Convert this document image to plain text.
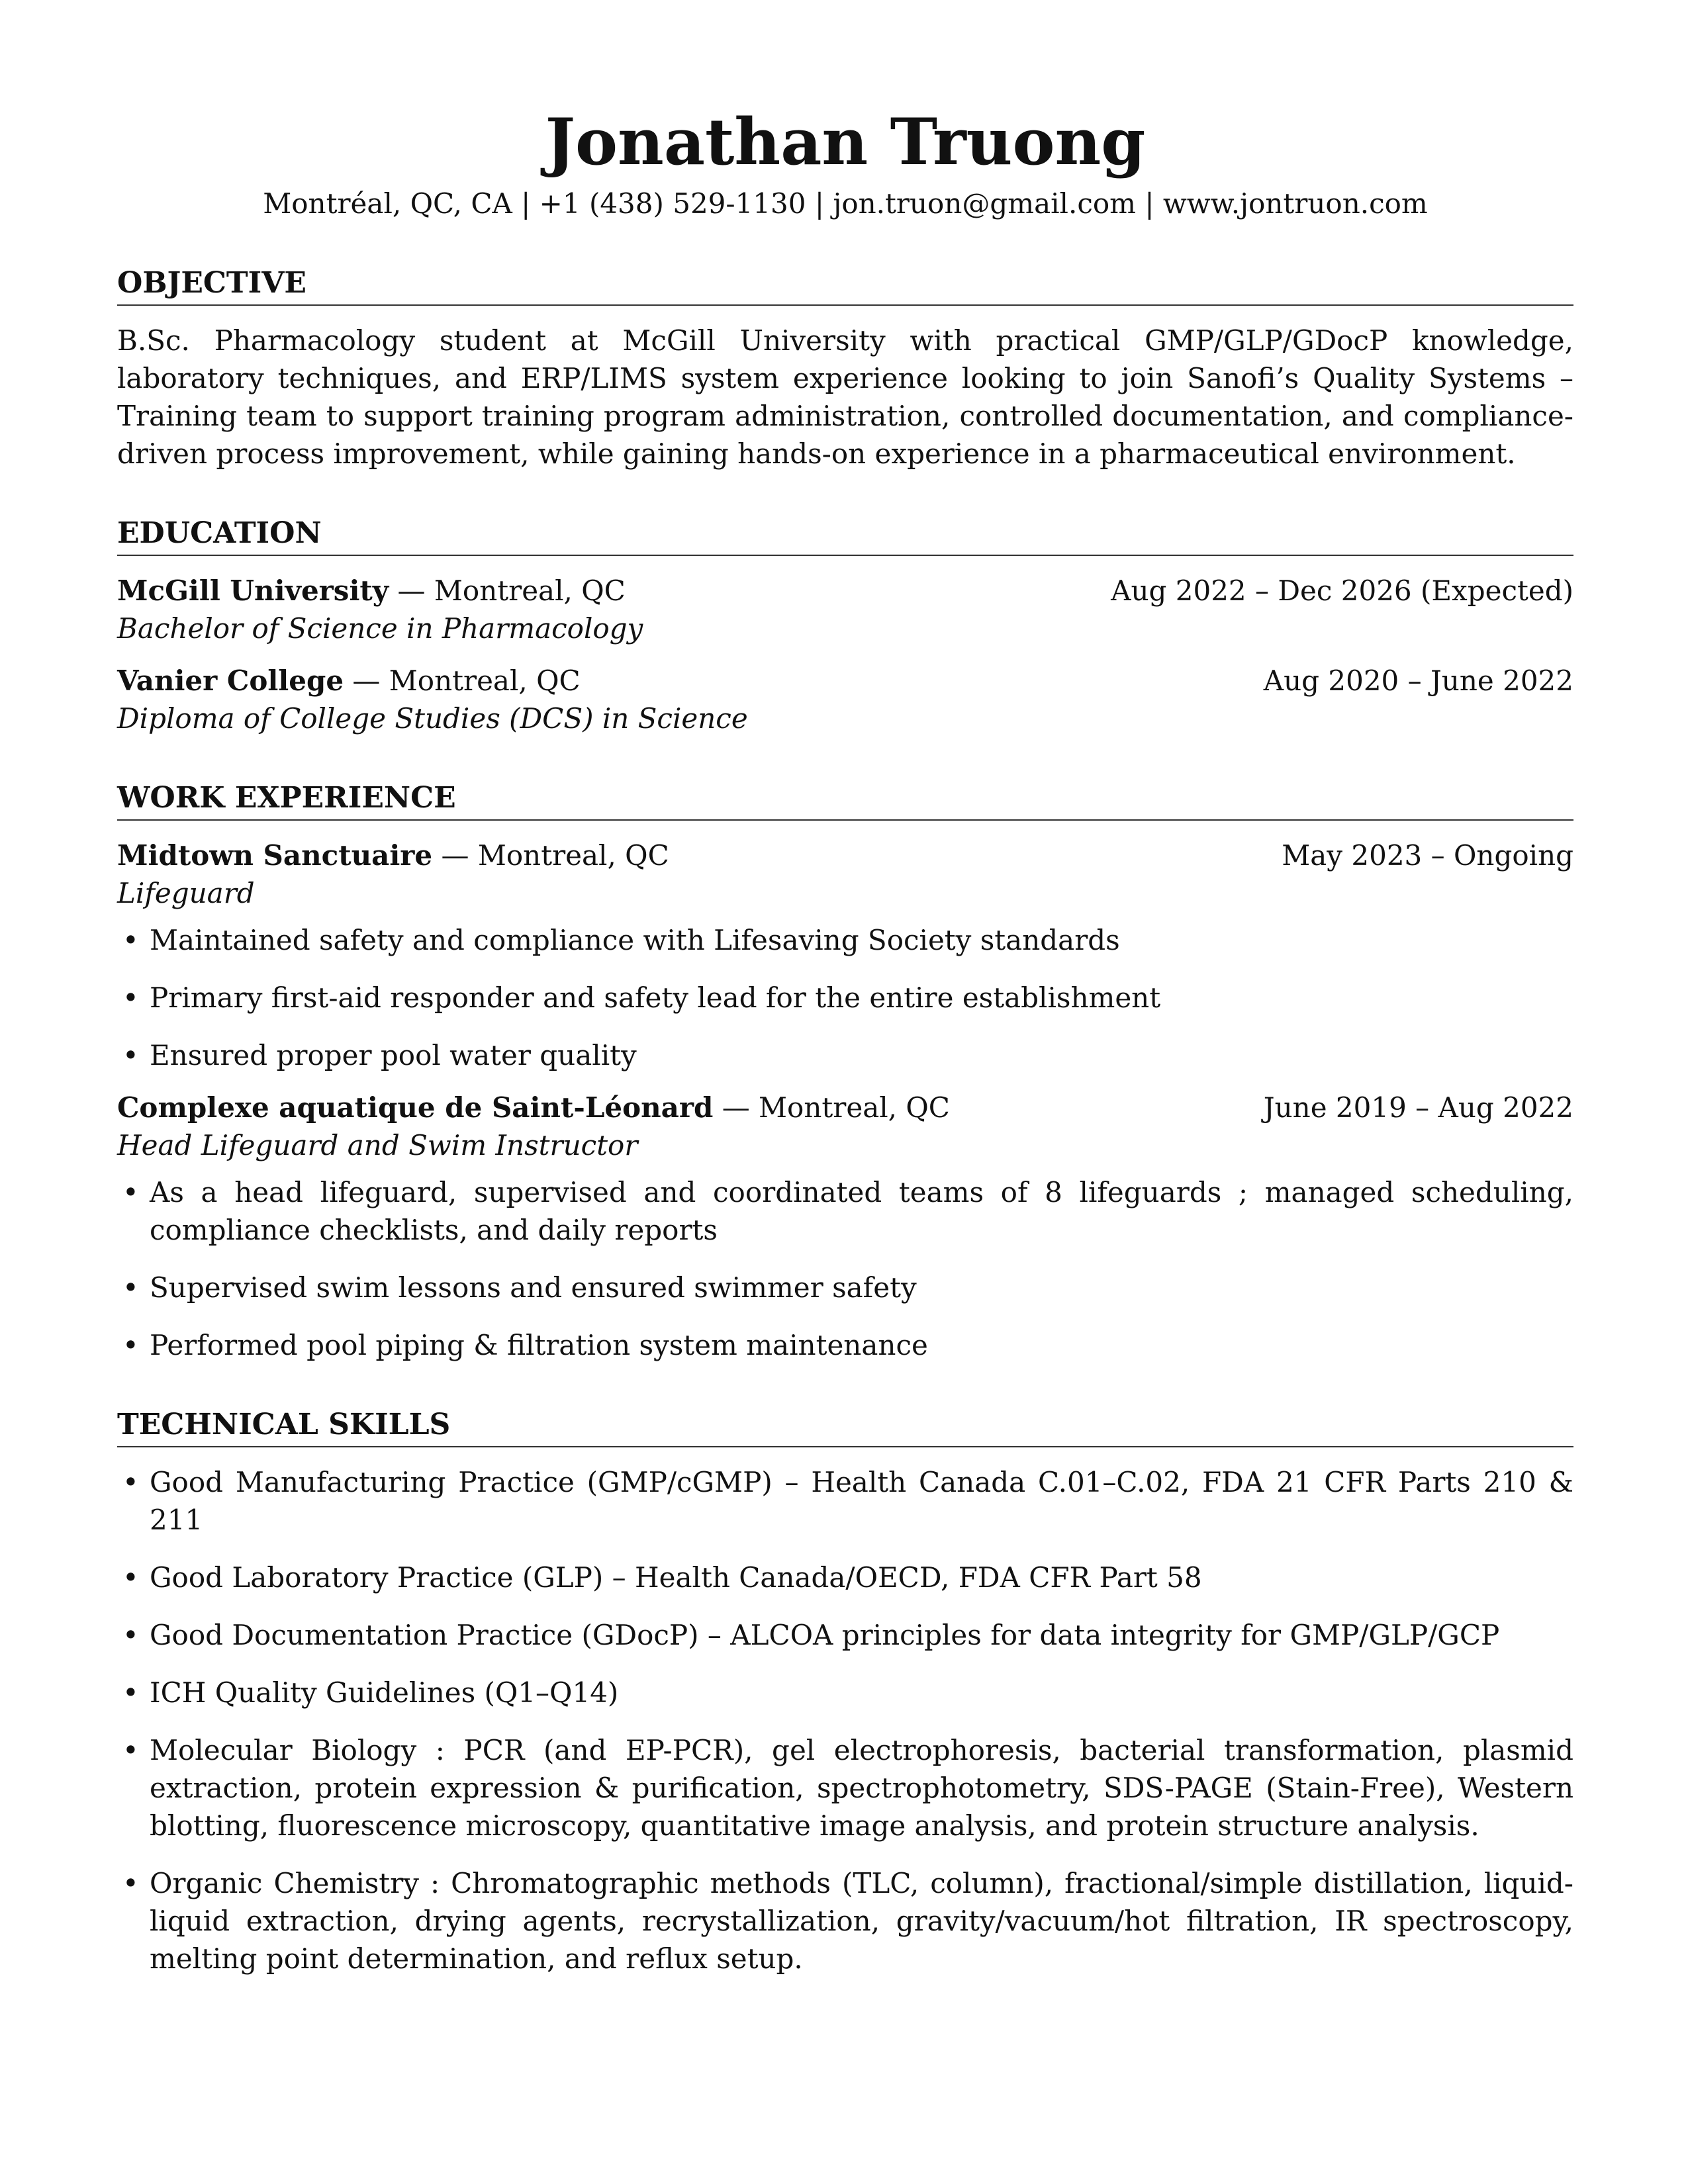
Jonathan Truong
Montréal, QC, CA | +1 (438) 529-1130 | jon.truon@gmail.com | www.jontruon.com
OBJECTIVE

B.Sc. Pharmacology student at McGill University with practical GMP/GLP/GDocP knowledge, laboratory techniques, and ERP/LIMS system experience looking to join Sanofi’s Quality Systems – Training team to support training program administration, controlled documentation, and compliance-driven process improvement, while gaining hands-on experience in a pharmaceutical environment.

EDUCATION
McGill University — Montreal, QC	Aug 2022 – Dec 2026 (Expected)
Bachelor of Science in Pharmacology
Vanier College — Montreal, QC	Aug 2020 – June 2022
Diploma of College Studies (DCS) in Science
WORK EXPERIENCE
Midtown Sanctuaire — Montreal, QC	May 2023 – Ongoing
Lifeguard
• Maintained safety and compliance with Lifesaving Society standards
• Primary first-aid responder and safety lead for the entire establishment
• Ensured proper pool water quality
Complexe aquatique de Saint-Léonard — Montreal, QC	June 2019 – Aug 2022
Head Lifeguard and Swim Instructor
• As a head lifeguard, supervised and coordinated teams of 8 lifeguards ; managed scheduling, compliance checklists, and daily reports
• Supervised swim lessons and ensured swimmer safety
• Performed pool piping & filtration system maintenance
TECHNICAL SKILLS
• Good Manufacturing Practice (GMP/cGMP) – Health Canada C.01–C.02, FDA 21 CFR Parts 210 & 211
• Good Laboratory Practice (GLP) – Health Canada/OECD, FDA CFR Part 58
• Good Documentation Practice (GDocP) – ALCOA principles for data integrity for GMP/GLP/GCP
• ICH Quality Guidelines (Q1–Q14)
• Molecular Biology : PCR (and EP-PCR), gel electrophoresis, bacterial transformation, plasmid extraction, protein expression & purification, spectrophotometry, SDS-PAGE (Stain-Free), Western blotting, fluorescence microscopy, quantitative image analysis, and protein structure analysis.
• Organic Chemistry : Chromatographic methods (TLC, column), fractional/simple distillation, liquid-liquid extraction, drying agents, recrystallization, gravity/vacuum/hot filtration, IR spectroscopy, melting point determination, and reflux setup.
